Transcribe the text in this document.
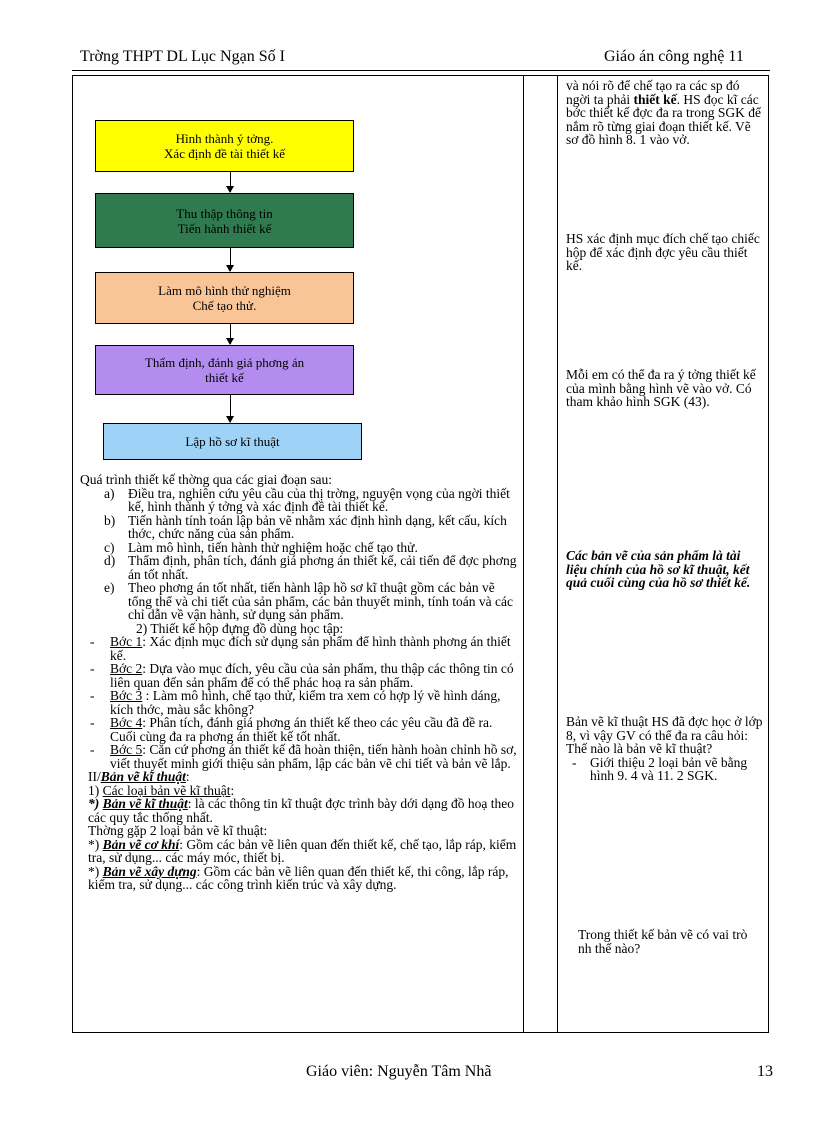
Trờng THPT DL Lục Ngạn Số I	Giáo án công nghệ 11
Hình thành ý tởng.
Xác định đề tài thiết kế
Thu thập thông tin
Tiến hành thiết kế
Làm mô hình thử nghiệm
Chế tạo thử.
Thẩm định, đánh giá phơng án
thiết kế
Lập hồ sơ kĩ thuật

Quá trình thiết kế thờng qua các giai đoạn sau:

a) Điều tra, nghiên cứu yêu cầu của thị trờng, nguyện vọng của ngời thiết kế, hình thành ý tởng và xác định đề tài thiết kế.
b) Tiến hành tính toán lập bản vẽ nhằm xác định hình dạng, kết cấu, kích thớc, chức năng của sản phẩm.
c) Làm mô hình, tiến hành thử nghiệm hoặc chế tạo thử.
d) Thẩm định, phân tích, đánh giá phơng án thiết kế, cải tiến để đợc phơng án tốt nhất.
e) Theo phơng án tốt nhất, tiến hành lập hồ sơ kĩ thuật gồm các bản vẽ tổng thể và chi tiết của sản phẩm, các bản thuyết minh, tính toán và các chỉ dẫn về vận hành, sử dụng sản phẩm.

2) Thiết kế hộp đựng đồ dùng học tập:

- Bớc 1: Xác định mục đích sử dụng sản phẩm để hình thành phơng án thiết kế.
- Bớc 2: Dựa vào mục đích, yêu cầu của sản phẩm, thu thập các thông tin có liên quan đến sản phẩm để có thể phác hoạ ra sản phẩm.
- Bớc 3 : Làm mô hình, chế tạo thử, kiểm tra xem có hợp lý về hình dáng, kích thớc, màu sắc không?
- Bớc 4: Phân tích, đánh giá phơng án thiết kế theo các yêu cầu đã đề ra. Cuối cùng đa ra phơng án thiết kế tốt nhất.
- Bớc 5: Căn cứ phơng án thiết kế đã hoàn thiện, tiến hành hoàn chỉnh hồ sơ, viết thuyết minh giới thiệu sản phẩm, lập các bản vẽ chi tiết và bản vẽ lắp.

II/Bản vẽ kĩ thuật:

1) Các loại bản vẽ kĩ thuật:

*) Bản vẽ kĩ thuật: là các thông tin kĩ thuật đợc trình bày dới dạng đồ hoạ theo các quy tắc thống nhất.

Thờng gặp 2 loại bản vẽ kĩ thuật:

*) Bản vẽ cơ khí: Gồm các bản vẽ liên quan đến thiết kế, chế tạo, lắp ráp, kiểm tra, sử dụng... các máy móc, thiết bị.

*) Bản vẽ xây dựng: Gồm các bản vẽ liên quan đến thiết kế, thi công, lắp ráp, kiểm tra, sử dụng... các công trình kiến trúc và xây dựng.

và nói rõ để chế tạo ra các sp đó ngời ta phải thiết kế. HS đọc kĩ các bớc thiết kế đợc đa ra trong SGK để nắm rõ từng giai đoạn thiết kế. Vẽ sơ đồ hình 8. 1 vào vở.

HS xác định mục đích chế tạo chiếc hộp để xác định đợc yêu cầu thiết kế.

Mỗi em có thể đa ra ý tởng thiết kế của mình bằng hình vẽ vào vở. Có tham khảo hình SGK (43).

Các bản vẽ của sản phẩm là tài liệu chính của hồ sơ kĩ thuật, kết quả cuối cùng của hồ sơ thiết kế.

Bản vẽ kĩ thuật HS đã đợc học ở lớp 8, vì vậy GV có thể đa ra câu hỏi: Thế nào là bản vẽ kĩ thuật?

- Giới thiệu 2 loại bản vẽ bằng hình 9. 4 và 11. 2 SGK.

Trong thiết kế bản vẽ có vai trò nh thế nào?

Giáo viên: Nguyễn Tâm Nhã	13
